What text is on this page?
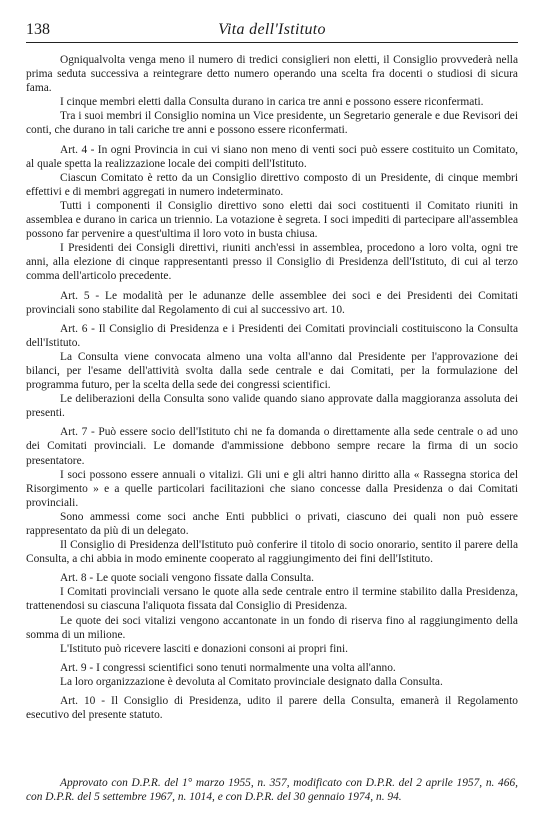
138	Vita dell'Istituto

Ogniqualvolta venga meno il numero di tredici consiglieri non eletti, il Consiglio provvederà nella prima seduta successiva a reintegrare detto numero operando una scelta fra docenti o studiosi di sicura fama.

I cinque membri eletti dalla Consulta durano in carica tre anni e possono essere riconfermati.

Tra i suoi membri il Consiglio nomina un Vice presidente, un Segretario generale e due Revisori dei conti, che durano in tali cariche tre anni e possono essere riconfermati.

Art. 4 - In ogni Provincia in cui vi siano non meno di venti soci può essere costituito un Comitato, al quale spetta la realizzazione locale dei compiti dell'Istituto.

Ciascun Comitato è retto da un Consiglio direttivo composto di un Presidente, di cinque membri effettivi e di membri aggregati in numero indeterminato.

Tutti i componenti il Consiglio direttivo sono eletti dai soci costituenti il Comitato riuniti in assemblea e durano in carica un triennio. La votazione è segreta. I soci impediti di partecipare all'assemblea possono far pervenire a quest'ultima il loro voto in busta chiusa.

I Presidenti dei Consigli direttivi, riuniti anch'essi in assemblea, procedono a loro volta, ogni tre anni, alla elezione di cinque rappresentanti presso il Consiglio di Presidenza dell'Istituto, di cui al terzo comma dell'articolo precedente.

Art. 5 - Le modalità per le adunanze delle assemblee dei soci e dei Presidenti dei Comitati provinciali sono stabilite dal Regolamento di cui al successivo art. 10.

Art. 6 - Il Consiglio di Presidenza e i Presidenti dei Comitati provinciali costituiscono la Consulta dell'Istituto.

La Consulta viene convocata almeno una volta all'anno dal Presidente per l'approvazione dei bilanci, per l'esame dell'attività svolta dalla sede centrale e dai Comitati, per la formulazione del programma futuro, per la scelta della sede dei congressi scientifici.

Le deliberazioni della Consulta sono valide quando siano approvate dalla maggioranza assoluta dei presenti.

Art. 7 - Può essere socio dell'Istituto chi ne fa domanda o direttamente alla sede centrale o ad uno dei Comitati provinciali. Le domande d'ammissione debbono sempre recare la firma di un socio presentatore.

I soci possono essere annuali o vitalizi. Gli uni e gli altri hanno diritto alla « Rassegna storica del Risorgimento » e a quelle particolari facilitazioni che siano concesse dalla Presidenza o dai Comitati provinciali.

Sono ammessi come soci anche Enti pubblici o privati, ciascuno dei quali non può essere rappresentato da più di un delegato.

Il Consiglio di Presidenza dell'Istituto può conferire il titolo di socio onorario, sentito il parere della Consulta, a chi abbia in modo eminente cooperato al raggiungimento dei fini dell'Istituto.

Art. 8 - Le quote sociali vengono fissate dalla Consulta.

I Comitati provinciali versano le quote alla sede centrale entro il termine stabilito dalla Presidenza, trattenendosi su ciascuna l'aliquota fissata dal Consiglio di Presidenza.

Le quote dei soci vitalizi vengono accantonate in un fondo di riserva fino al raggiungimento della somma di un milione.

L'Istituto può ricevere lasciti e donazioni consoni ai propri fini.

Art. 9 - I congressi scientifici sono tenuti normalmente una volta all'anno.

La loro organizzazione è devoluta al Comitato provinciale designato dalla Consulta.

Art. 10 - Il Consiglio di Presidenza, udito il parere della Consulta, emanerà il Regolamento esecutivo del presente statuto.

Approvato con D.P.R. del 1° marzo 1955, n. 357, modificato con D.P.R. del 2 aprile 1957, n. 466, con D.P.R. del 5 settembre 1967, n. 1014, e con D.P.R. del 30 gennaio 1974, n. 94.
